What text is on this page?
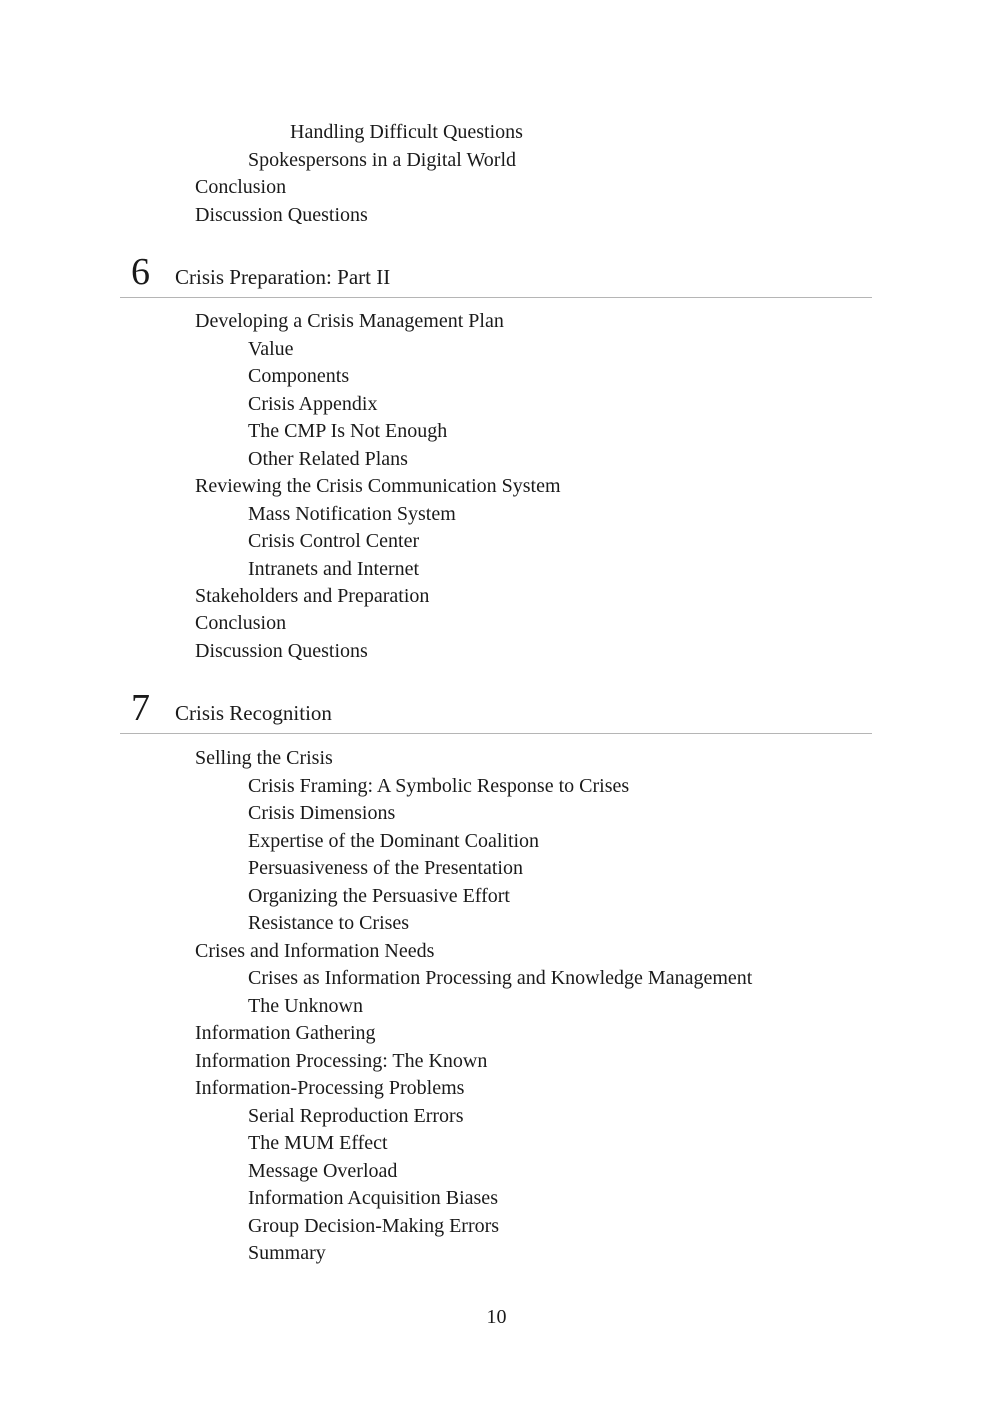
Handling Difficult Questions
Spokespersons in a Digital World
Conclusion
Discussion Questions
6 Crisis Preparation: Part II
Developing a Crisis Management Plan
Value
Components
Crisis Appendix
The CMP Is Not Enough
Other Related Plans
Reviewing the Crisis Communication System
Mass Notification System
Crisis Control Center
Intranets and Internet
Stakeholders and Preparation
Conclusion
Discussion Questions
7 Crisis Recognition
Selling the Crisis
Crisis Framing: A Symbolic Response to Crises
Crisis Dimensions
Expertise of the Dominant Coalition
Persuasiveness of the Presentation
Organizing the Persuasive Effort
Resistance to Crises
Crises and Information Needs
Crises as Information Processing and Knowledge Management
The Unknown
Information Gathering
Information Processing: The Known
Information-Processing Problems
Serial Reproduction Errors
The MUM Effect
Message Overload
Information Acquisition Biases
Group Decision-Making Errors
Summary
10
